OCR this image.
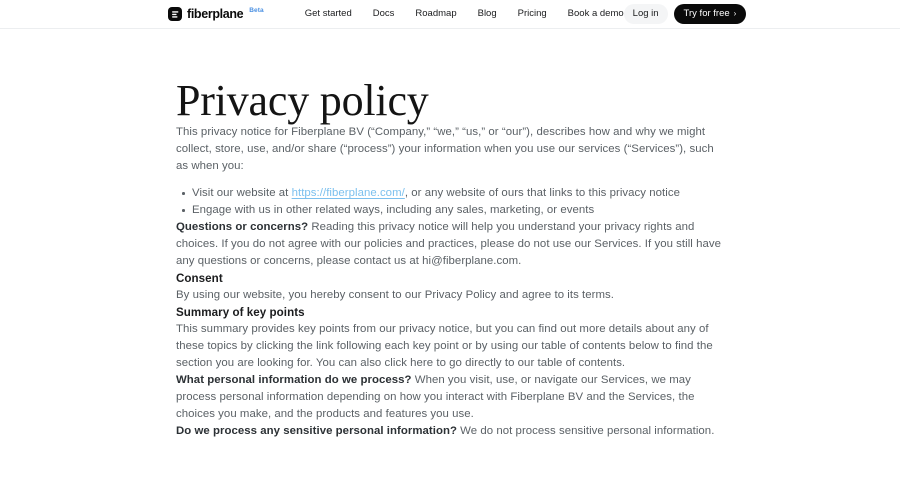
fiberplane Beta	Get started Docs Roadmap Blog Pricing Book a demo Log in	Try for free ›
Privacy policy

This privacy notice for Fiberplane BV (“Company,” “we,” “us,” or “our”), describes how and why we might collect, store, use, and/or share (“process”) your information when you use our services (“Services”), such as when you:

Visit our website at https://fiberplane.com/, or any website of ours that links to this privacy notice
Engage with us in other related ways, including any sales, marketing, or events

Questions or concerns? Reading this privacy notice will help you understand your privacy rights and choices. If you do not agree with our policies and practices, please do not use our Services. If you still have any questions or concerns, please contact us at hi@fiberplane.com.

Consent

By using our website, you hereby consent to our Privacy Policy and agree to its terms.

Summary of key points

This summary provides key points from our privacy notice, but you can find out more details about any of these topics by clicking the link following each key point or by using our table of contents below to find the section you are looking for. You can also click here to go directly to our table of contents.

What personal information do we process? When you visit, use, or navigate our Services, we may process personal information depending on how you interact with Fiberplane BV and the Services, the choices you make, and the products and features you use.

Do we process any sensitive personal information? We do not process sensitive personal information.
